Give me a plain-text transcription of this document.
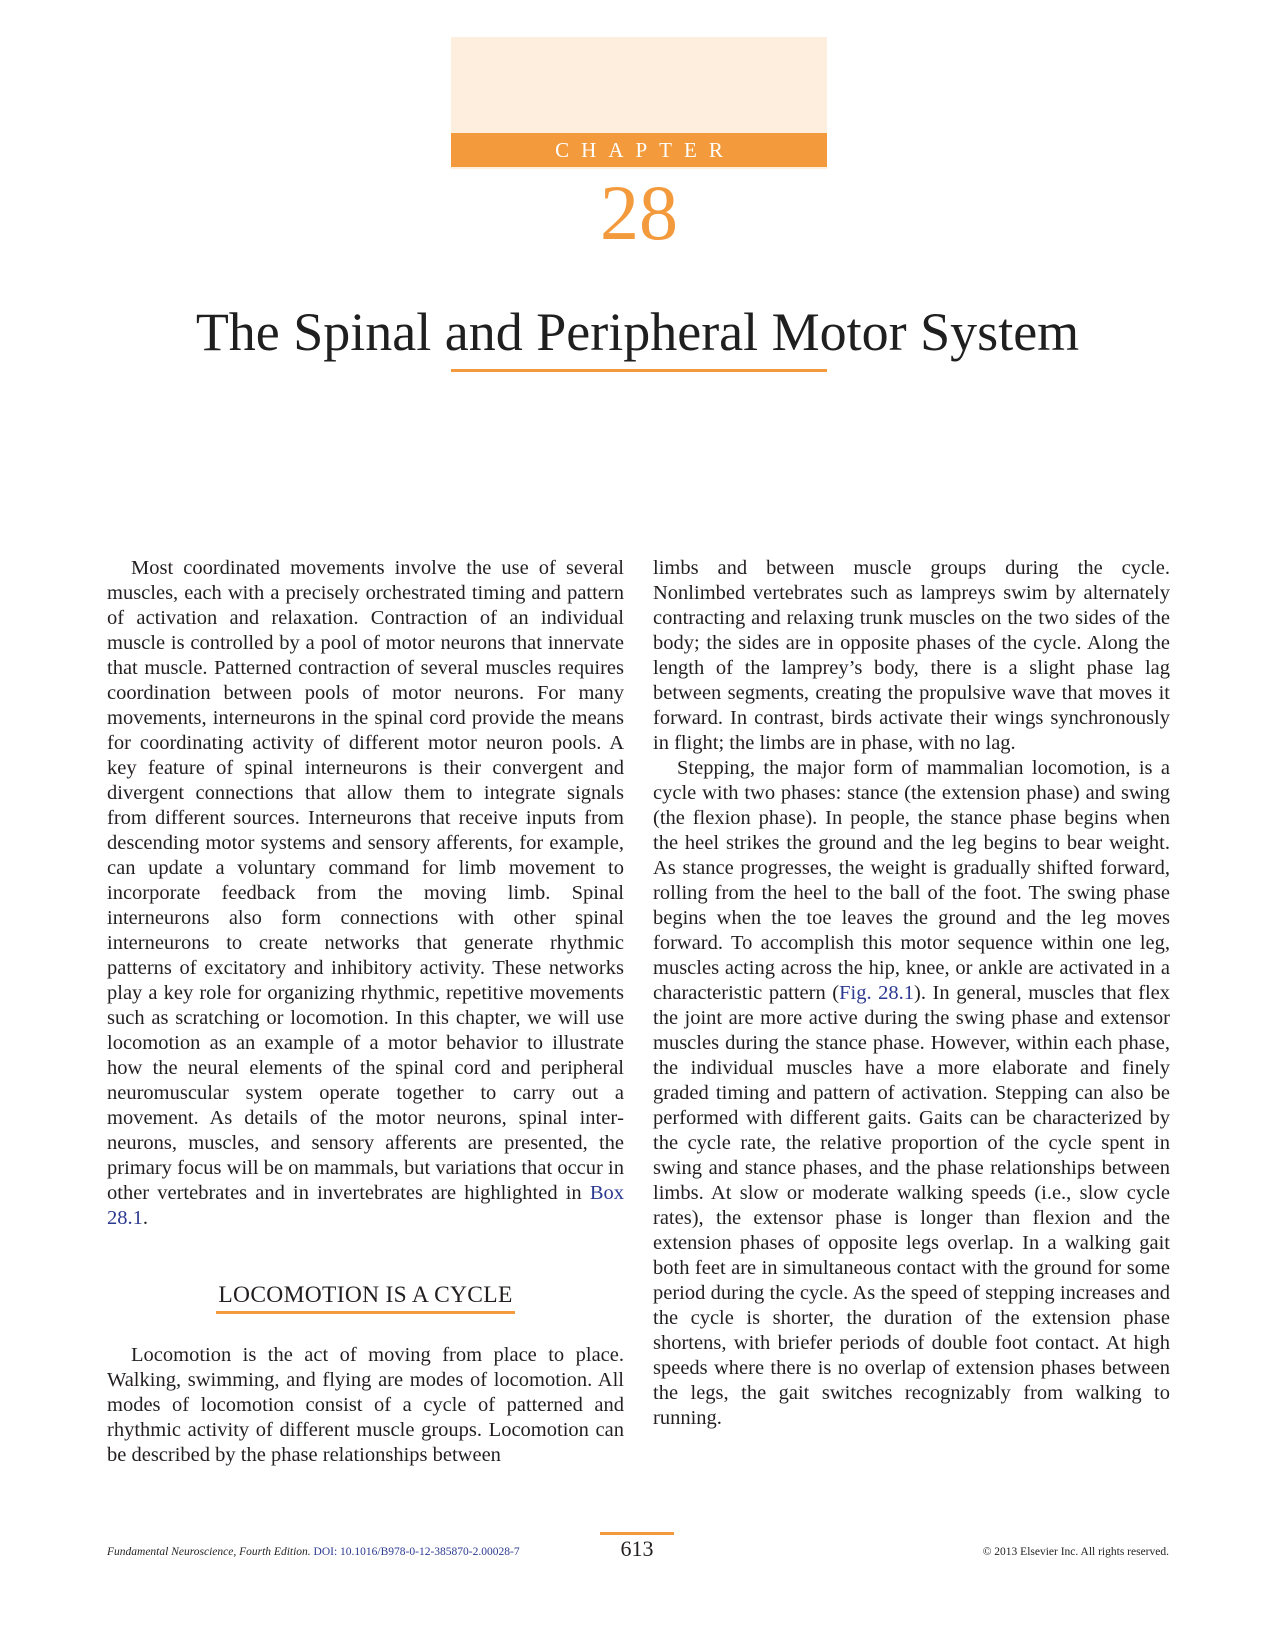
CHAPTER
28
The Spinal and Peripheral Motor System

Most coordinated movements involve the use of several muscles, each with a precisely orchestrated timing and pattern of activation and relaxation. Contraction of an individual muscle is controlled by a pool of motor neurons that innervate that muscle. Patterned contraction of several muscles requires coordination between pools of motor neurons. For many movements, interneurons in the spinal cord provide the means for coordinating activity of different motor neuron pools. A key feature of spinal interneurons is their convergent and divergent connections that allow them to integrate signals from different sources. Interneurons that receive inputs from descending motor systems and sensory afferents, for example, can update a voluntary command for limb movement to incorporate feedback from the moving limb. Spinal interneurons also form connections with other spinal interneurons to create networks that generate rhythmic patterns of excitatory and inhibitory activity. These networks play a key role for organizing rhythmic, repetitive movements such as scratching or locomotion. In this chapter, we will use locomotion as an example of a motor behavior to illustrate how the neural elements of the spinal cord and peripheral neuromuscular system operate together to carry out a movement. As details of the motor neurons, spinal interneurons, muscles, and sensory afferents are presented, the primary focus will be on mammals, but variations that occur in other vertebrates and in invertebrates are highlighted in Box 28.1.

LOCOMOTION IS A CYCLE

Locomotion is the act of moving from place to place. Walking, swimming, and flying are modes of locomotion. All modes of locomotion consist of a cycle of patterned and rhythmic activity of different muscle groups. Locomotion can be described by the phase relationships between

limbs and between muscle groups during the cycle. Nonlimbed vertebrates such as lampreys swim by alternately contracting and relaxing trunk muscles on the two sides of the body; the sides are in opposite phases of the cycle. Along the length of the lamprey’s body, there is a slight phase lag between segments, creating the propulsive wave that moves it forward. In contrast, birds activate their wings synchronously in flight; the limbs are in phase, with no lag.

Stepping, the major form of mammalian locomotion, is a cycle with two phases: stance (the extension phase) and swing (the flexion phase). In people, the stance phase begins when the heel strikes the ground and the leg begins to bear weight. As stance progresses, the weight is gradually shifted forward, rolling from the heel to the ball of the foot. The swing phase begins when the toe leaves the ground and the leg moves forward. To accomplish this motor sequence within one leg, muscles acting across the hip, knee, or ankle are activated in a characteristic pattern (Fig. 28.1). In general, muscles that flex the joint are more active during the swing phase and extensor muscles during the stance phase. However, within each phase, the individual muscles have a more elaborate and finely graded timing and pattern of activation. Stepping can also be performed with different gaits. Gaits can be characterized by the cycle rate, the relative proportion of the cycle spent in swing and stance phases, and the phase relationships between limbs. At slow or moderate walking speeds (i.e., slow cycle rates), the extensor phase is longer than flexion and the extension phases of opposite legs overlap. In a walking gait both feet are in simultaneous contact with the ground for some period during the cycle. As the speed of stepping increases and the cycle is shorter, the duration of the extension phase shortens, with briefer periods of double foot contact. At high speeds where there is no overlap of extension phases between the legs, the gait switches recognizably from walking to running.

Fundamental Neuroscience, Fourth Edition. DOI: 10.1016/B978-0-12-385870-2.00028-7	613	© 2013 Elsevier Inc. All rights reserved.
